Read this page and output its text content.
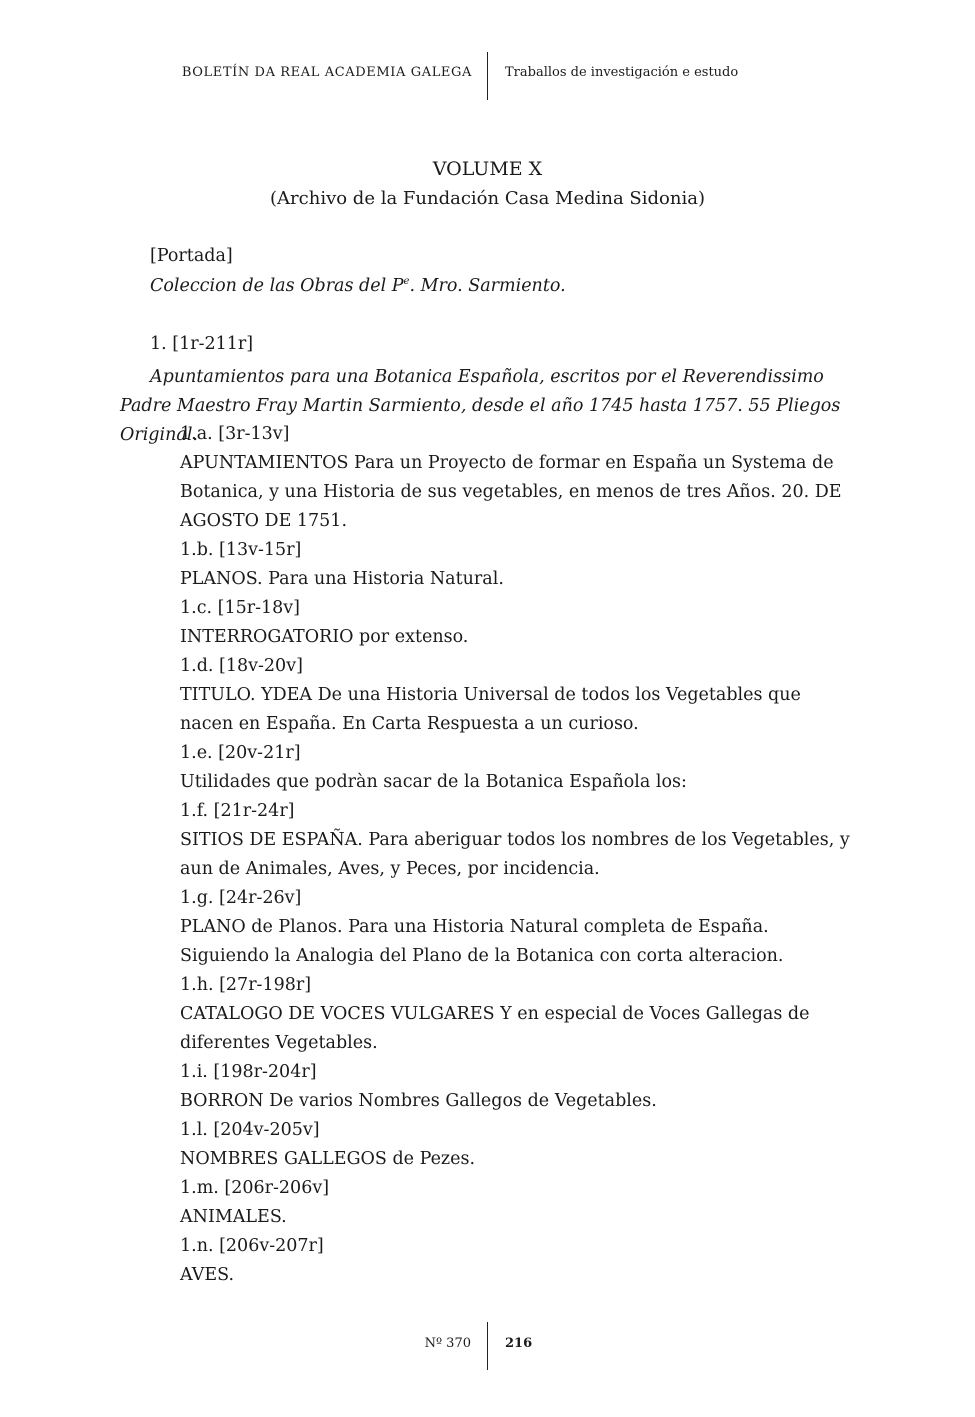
BOLETÍN DA REAL ACADEMIA GALEGA	Traballos de investigación e estudo
VOLUME X
(Archivo de la Fundación Casa Medina Sidonia)
[Portada]
Coleccion de las Obras del $P^e$. Mro. Sarmiento.
1. [1r-211r]
Apuntamientos para una Botanica Española, escritos por el Reverendissimo Padre Maestro Fray Martin Sarmiento, desde el año 1745 hasta 1757. 55 Pliegos Original.
1.a. [3r-13v]
APUNTAMIENTOS Para un Proyecto de formar en España un Systema de Botanica, y una Historia de sus vegetables, en menos de tres Años. 20. DE AGOSTO DE 1751.
1.b. [13v-15r]
PLANOS. Para una Historia Natural.
1.c. [15r-18v]
INTERROGATORIO por extenso.
1.d. [18v-20v]
TITULO. YDEA De una Historia Universal de todos los Vegetables que nacen en España. En Carta Respuesta a un curioso.
1.e. [20v-21r]
Utilidades que podràn sacar de la Botanica Española los:
1.f. [21r-24r]
SITIOS DE ESPAÑA. Para aberiguar todos los nombres de los Vegetables, y aun de Animales, Aves, y Peces, por incidencia.
1.g. [24r-26v]
PLANO de Planos. Para una Historia Natural completa de España. Siguiendo la Analogia del Plano de la Botanica con corta alteracion.
1.h. [27r-198r]
CATALOGO DE VOCES VULGARES Y en especial de Voces Gallegas de diferentes Vegetables.
1.i. [198r-204r]
BORRON De varios Nombres Gallegos de Vegetables.
1.l. [204v-205v]
NOMBRES GALLEGOS de Pezes.
1.m. [206r-206v]
ANIMALES.
1.n. [206v-207r]
AVES.
Nº 370	216
